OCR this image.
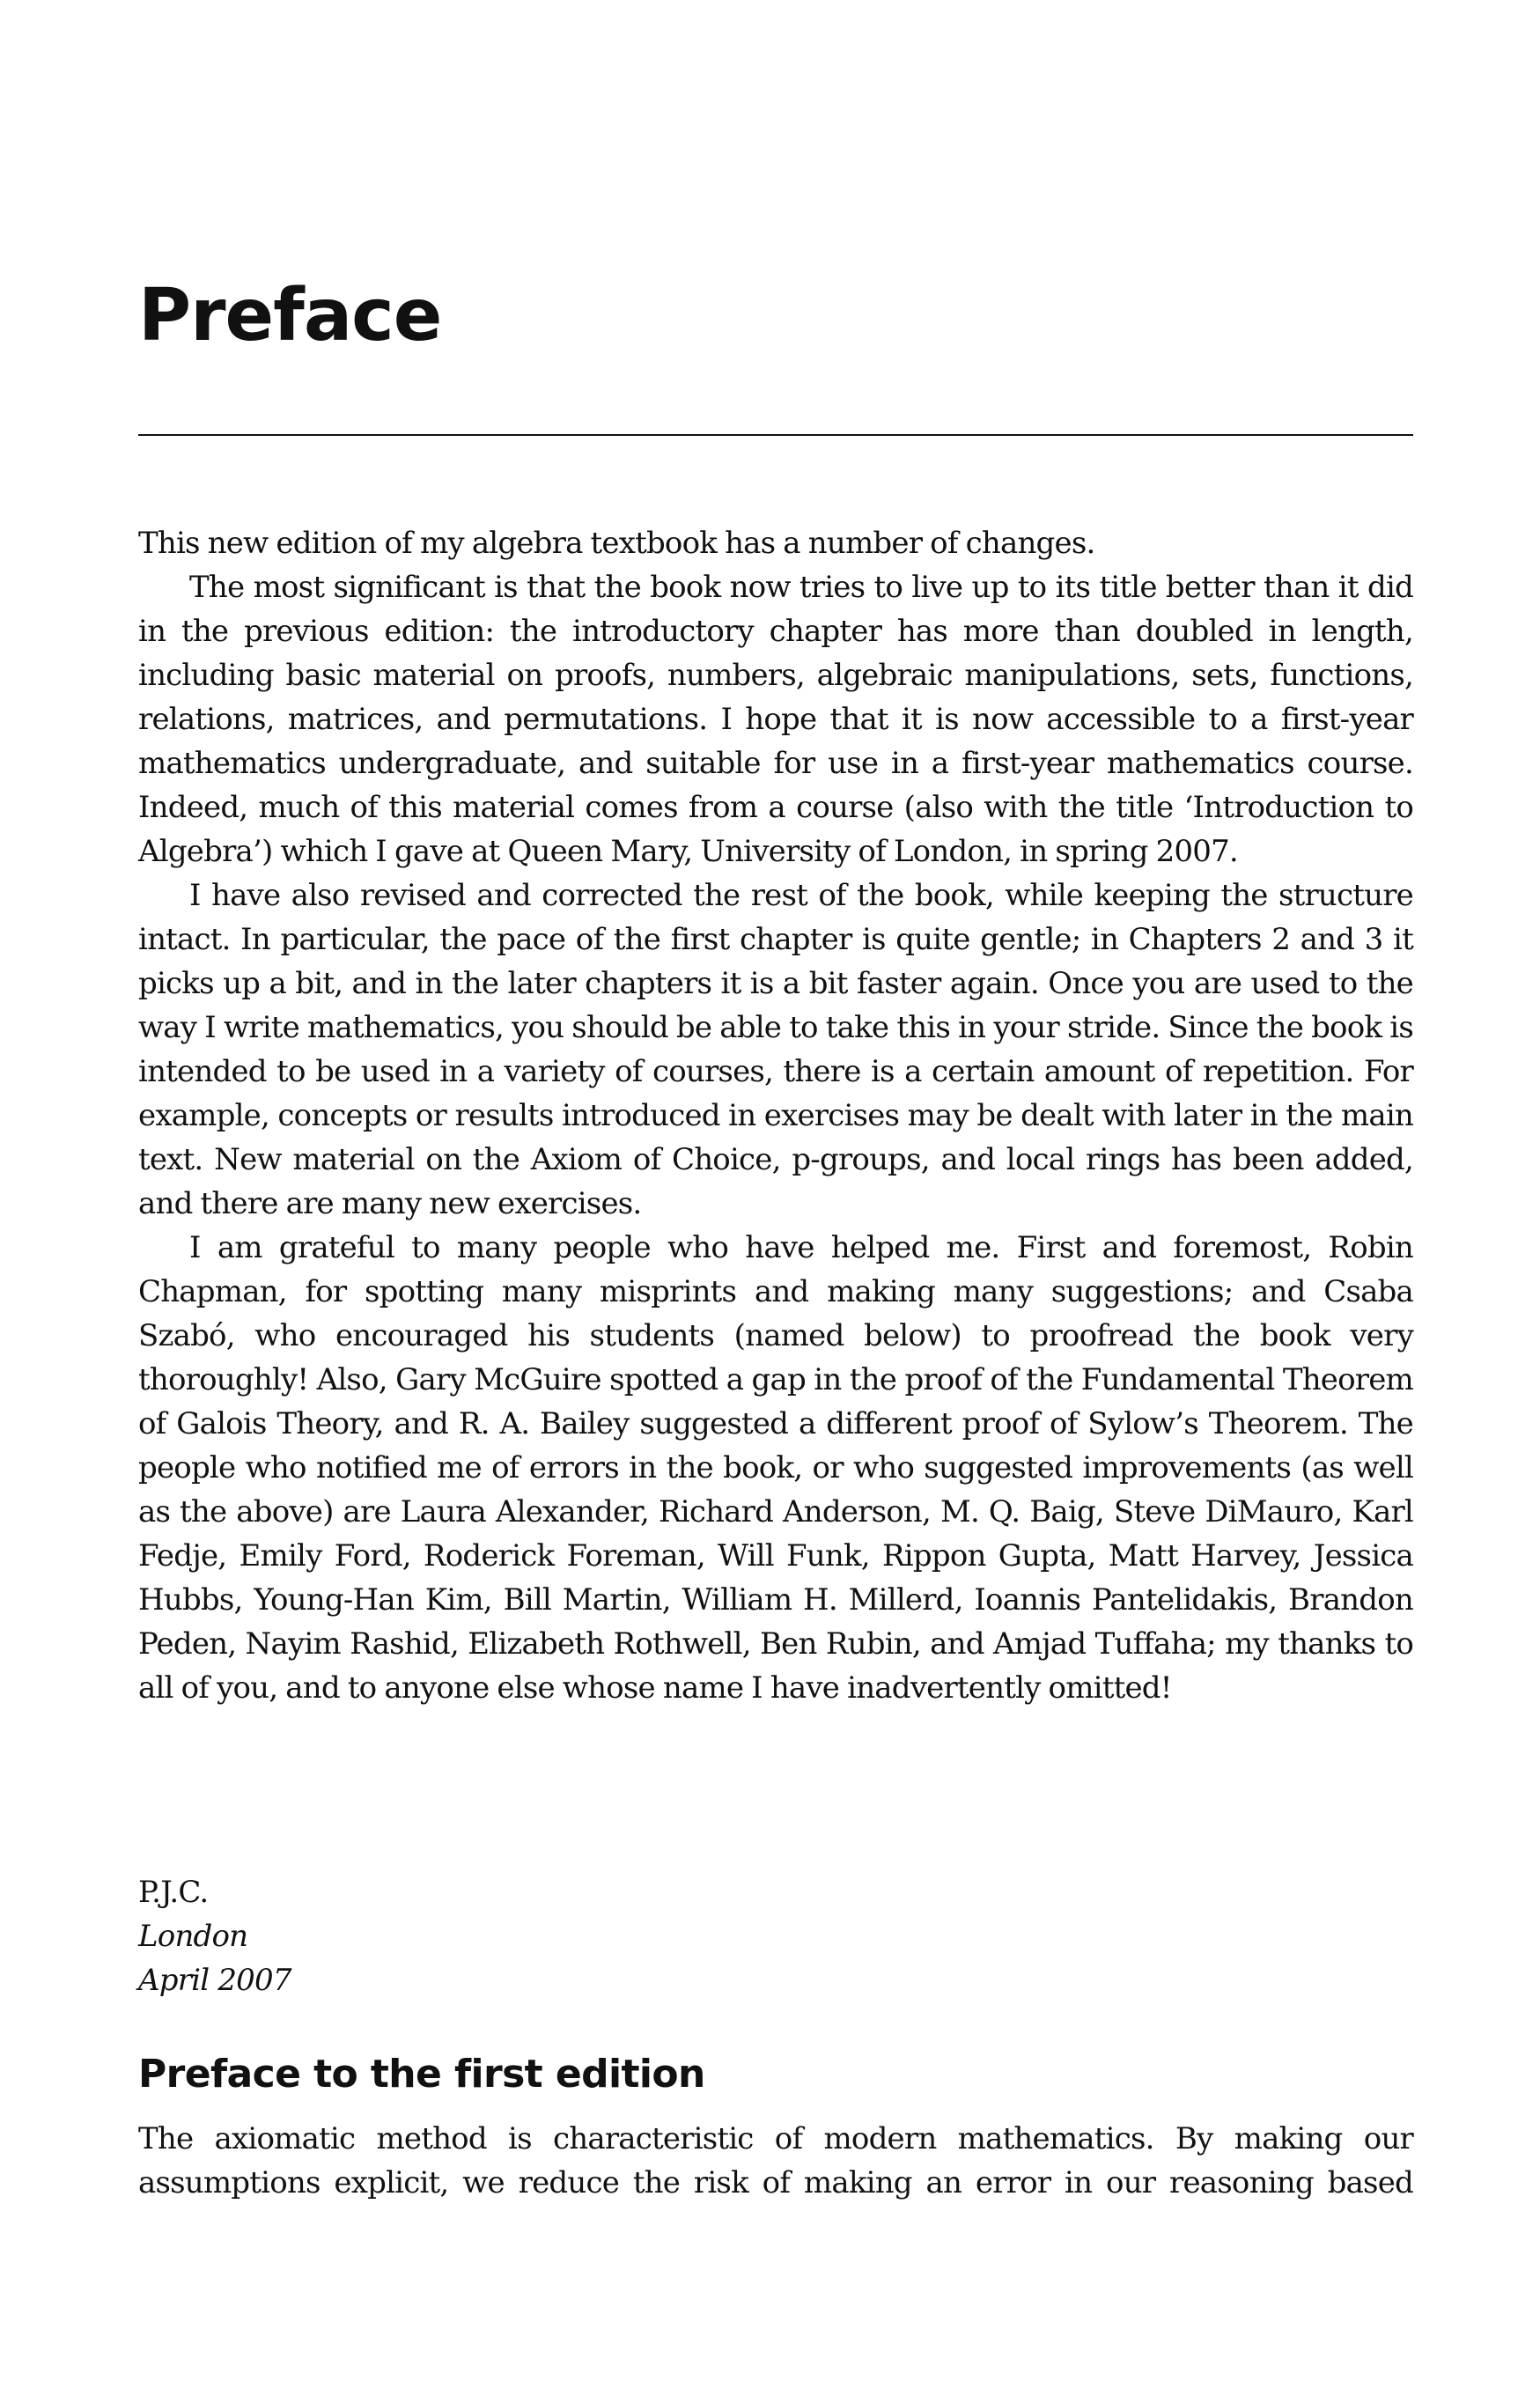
Preface

This new edition of my algebra textbook has a number of changes.

The most significant is that the book now tries to live up to its title better than it did in the previous edition: the introductory chapter has more than doubled in length, including basic material on proofs, numbers, algebraic manipulations, sets, functions, relations, matrices, and permutations. I hope that it is now accessible to a first-year mathematics undergraduate, and suitable for use in a first-year mathematics course. Indeed, much of this material comes from a course (also with the title ‘Introduction to Algebra’) which I gave at Queen Mary, University of London, in spring 2007.

I have also revised and corrected the rest of the book, while keeping the structure intact. In particular, the pace of the first chapter is quite gentle; in Chapters 2 and 3 it picks up a bit, and in the later chapters it is a bit faster again. Once you are used to the way I write mathematics, you should be able to take this in your stride. Since the book is intended to be used in a variety of courses, there is a certain amount of repetition. For example, concepts or results introduced in exercises may be dealt with later in the main text. New material on the Axiom of Choice, p-groups, and local rings has been added, and there are many new exercises.

I am grateful to many people who have helped me. First and foremost, Robin Chapman, for spotting many misprints and making many suggestions; and Csaba Szabó, who encouraged his students (named below) to proofread the book very thoroughly! Also, Gary McGuire spotted a gap in the proof of the Fundamental Theorem of Galois Theory, and R. A. Bailey suggested a different proof of Sylow’s Theorem. The people who notified me of errors in the book, or who suggested improvements (as well as the above) are Laura Alexander, Richard Anderson, M. Q. Baig, Steve DiMauro, Karl Fedje, Emily Ford, Roderick Foreman, Will Funk, Rippon Gupta, Matt Harvey, Jessica Hubbs, Young-Han Kim, Bill Martin, William H. Millerd, Ioannis Pantelidakis, Brandon Peden, Nayim Rashid, Elizabeth Rothwell, Ben Rubin, and Amjad Tuffaha; my thanks to all of you, and to anyone else whose name I have inadvertently omitted!

P.J.C.
London
April 2007
Preface to the first edition

The axiomatic method is characteristic of modern mathematics. By making our assumptions explicit, we reduce the risk of making an error in our reasoning based
